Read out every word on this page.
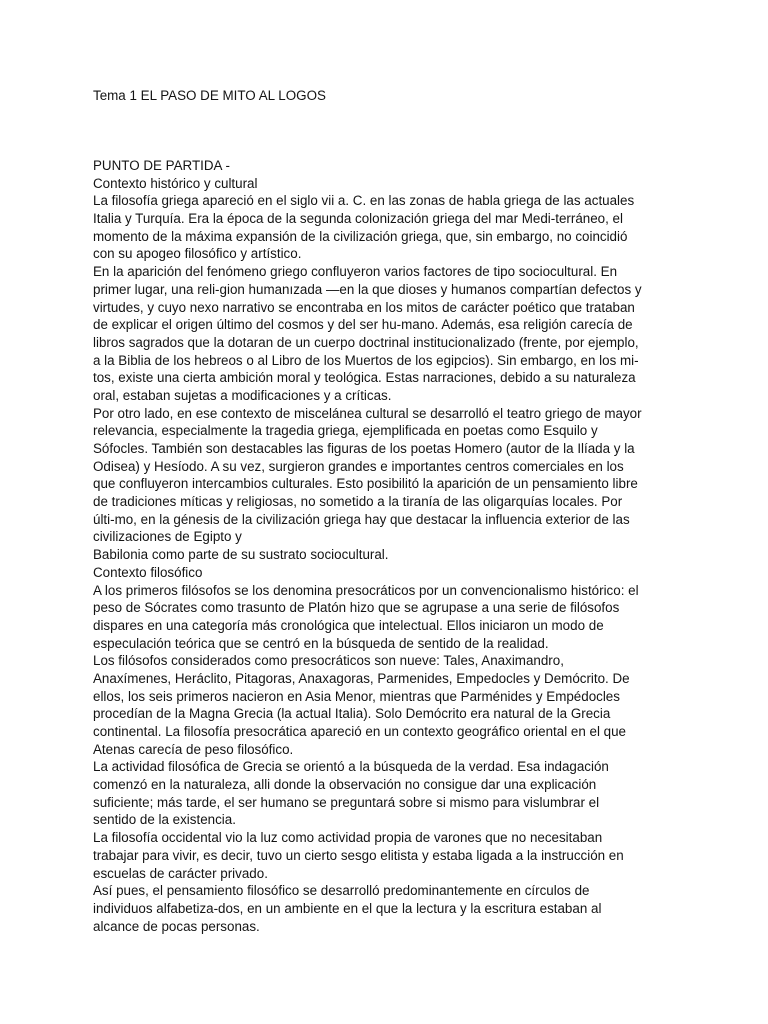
Tema 1 EL PASO DE MITO AL LOGOS
PUNTO DE PARTIDA -
Contexto histórico y cultural
La filosofía griega apareció en el siglo vii a. C. en las zonas de habla griega de las actuales
Italia y Turquía. Era la época de la segunda colonización griega del mar Medi-terráneo, el
momento de la máxima expansión de la civilización griega, que, sin embargo, no coincidió
con su apogeo filosófico y artístico.
En la aparición del fenómeno griego confluyeron varios factores de tipo sociocultural. En
primer lugar, una reli-gion humanızada —en la que dioses y humanos compartían defectos y
virtudes, y cuyo nexo narrativo se encontraba en los mitos de carácter poético que trataban
de explicar el origen último del cosmos y del ser hu-mano. Además, esa religión carecía de
libros sagrados que la dotaran de un cuerpo doctrinal institucionalizado (frente, por ejemplo,
a la Biblia de los hebreos o al Libro de los Muertos de los egipcios). Sin embargo, en los mi-
tos, existe una cierta ambición moral y teológica. Estas narraciones, debido a su naturaleza
oral, estaban sujetas a modificaciones y a críticas.
Por otro lado, en ese contexto de miscelánea cultural se desarrolló el teatro griego de mayor
relevancia, especialmente la tragedia griega, ejemplificada en poetas como Esquilo y
Sófocles. También son destacables las figuras de los poetas Homero (autor de la Ilíada y la
Odisea) y Hesíodo. A su vez, surgieron grandes e importantes centros comerciales en los
que confluyeron intercambios culturales. Esto posibilitó la aparición de un pensamiento libre
de tradiciones míticas y religiosas, no sometido a la tiranía de las oligarquías locales. Por
últi-mo, en la génesis de la civilización griega hay que destacar la influencia exterior de las
civilizaciones de Egipto y
Babilonia como parte de su sustrato sociocultural.
Contexto filosófico
A los primeros filósofos se los denomina presocráticos por un convencionalismo histórico: el
peso de Sócrates como trasunto de Platón hizo que se agrupase a una serie de filósofos
dispares en una categoría más cronológica que intelectual. Ellos iniciaron un modo de
especulación teórica que se centró en la búsqueda de sentido de la realidad.
Los filósofos considerados como presocráticos son nueve: Tales, Anaximandro,
Anaxímenes, Heráclito, Pitagoras, Anaxagoras, Parmenides, Empedocles y Demócrito. De
ellos, los seis primeros nacieron en Asia Menor, mientras que Parménides y Empédocles
procedían de la Magna Grecia (la actual Italia). Solo Demócrito era natural de la Grecia
continental. La filosofía presocrática apareció en un contexto geográfico oriental en el que
Atenas carecía de peso filosófico.
La actividad filosófica de Grecia se orientó a la búsqueda de la verdad. Esa indagación
comenzó en la naturaleza, alli donde la observación no consigue dar una explicación
suficiente; más tarde, el ser humano se preguntará sobre si mismo para vislumbrar el
sentido de la existencia.
La filosofía occidental vio la luz como actividad propia de varones que no necesitaban
trabajar para vivir, es decir, tuvo un cierto sesgo elitista y estaba ligada a la instrucción en
escuelas de carácter privado.
Así pues, el pensamiento filosófico se desarrolló predominantemente en círculos de
individuos alfabetiza-dos, en un ambiente en el que la lectura y la escritura estaban al
alcance de pocas personas.
